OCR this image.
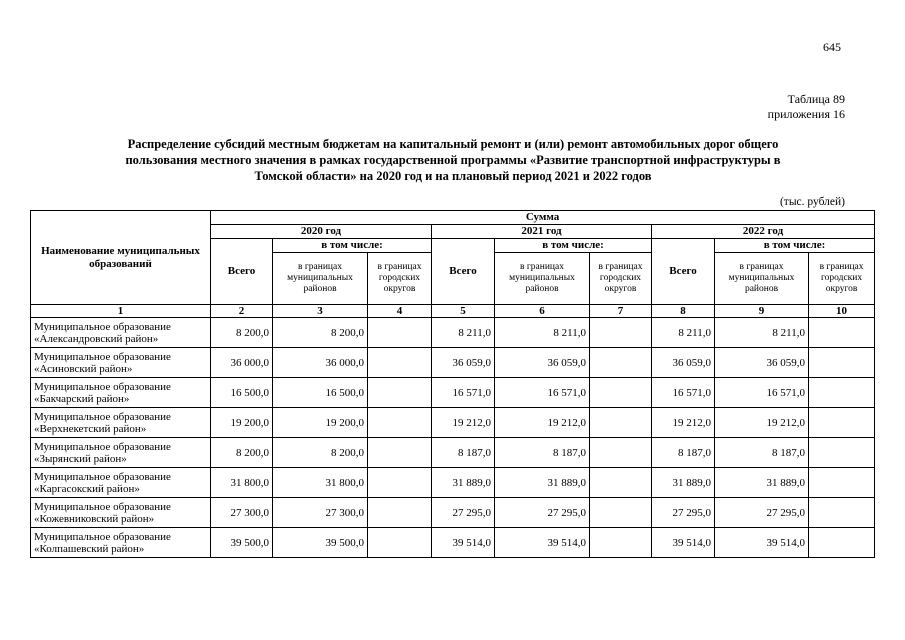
645
Таблица 89
приложения 16
Распределение субсидий местным бюджетам на капитальный ремонт и (или) ремонт автомобильных дорог общего
пользования местного значения в рамках государственной программы «Развитие транспортной инфраструктуры в
Томской области» на 2020 год и на плановый период 2021 и 2022 годов
(тыс. рублей)
Наименование муниципальных образований	Сумма								
	2020 год			2021 год			2022 год		
	Всего	в том числе:		Всего	в том числе:		Всего	в том числе:	
		в границах муниципальных районов	в границах городских округов		в границах муниципальных районов	в границах городских округов		в границах муниципальных районов	в границах городских округов
1	2	3	4	5	6	7	8	9	10

Муниципальное образование
«Александровский район»	8 200,0	8 200,0		8 211,0	8 211,0		8 211,0	8 211,0	

Муниципальное образование
«Асиновский район»	36 000,0	36 000,0		36 059,0	36 059,0		36 059,0	36 059,0	

Муниципальное образование
«Бакчарский район»	16 500,0	16 500,0		16 571,0	16 571,0		16 571,0	16 571,0	

Муниципальное образование
«Верхнекетский район»	19 200,0	19 200,0		19 212,0	19 212,0		19 212,0	19 212,0	

Муниципальное образование
«Зырянский район»	8 200,0	8 200,0		8 187,0	8 187,0		8 187,0	8 187,0	

Муниципальное образование
«Каргасокский район»	31 800,0	31 800,0		31 889,0	31 889,0		31 889,0	31 889,0	

Муниципальное образование
«Кожевниковский район»	27 300,0	27 300,0		27 295,0	27 295,0		27 295,0	27 295,0	

Муниципальное образование
«Колпашевский район»	39 500,0	39 500,0		39 514,0	39 514,0		39 514,0	39 514,0	
